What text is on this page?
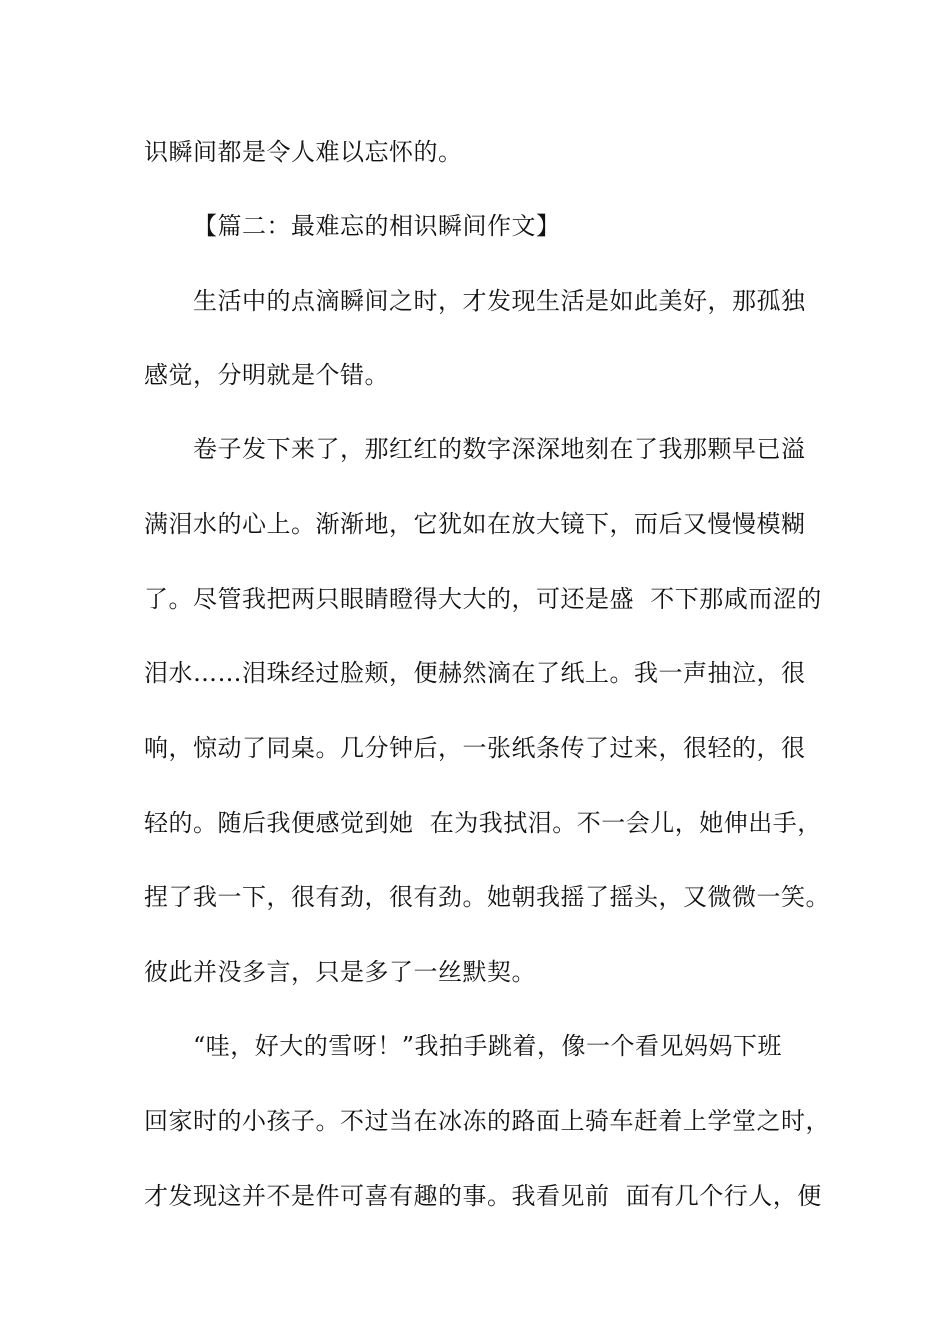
识瞬间都是令人难以忘怀的。
【篇二：最难忘的相识瞬间作文】
生活中的点滴瞬间之时，才发现生活是如此美好，那孤独
感觉，分明就是个错。
卷子发下来了，那红红的数字深深地刻在了我那颗早已溢
满泪水的心上。渐渐地，它犹如在放大镜下，而后又慢慢模糊
了。尽管我把两只眼睛瞪得大大的，可还是盛  不下那咸而涩的
泪水……泪珠经过脸颊，便赫然滴在了纸上。我一声抽泣，很
响，惊动了同桌。几分钟后，一张纸条传了过来，很轻的，很
轻的。随后我便感觉到她  在为我拭泪。不一会儿，她伸出手，
捏了我一下，很有劲，很有劲。她朝我摇了摇头，又微微一笑。
彼此并没多言，只是多了一丝默契。
“哇，好大的雪呀！”我拍手跳着，像一个看见妈妈下班
回家时的小孩子。不过当在冰冻的路面上骑车赶着上学堂之时，
才发现这并不是件可喜有趣的事。我看见前  面有几个行人，便
